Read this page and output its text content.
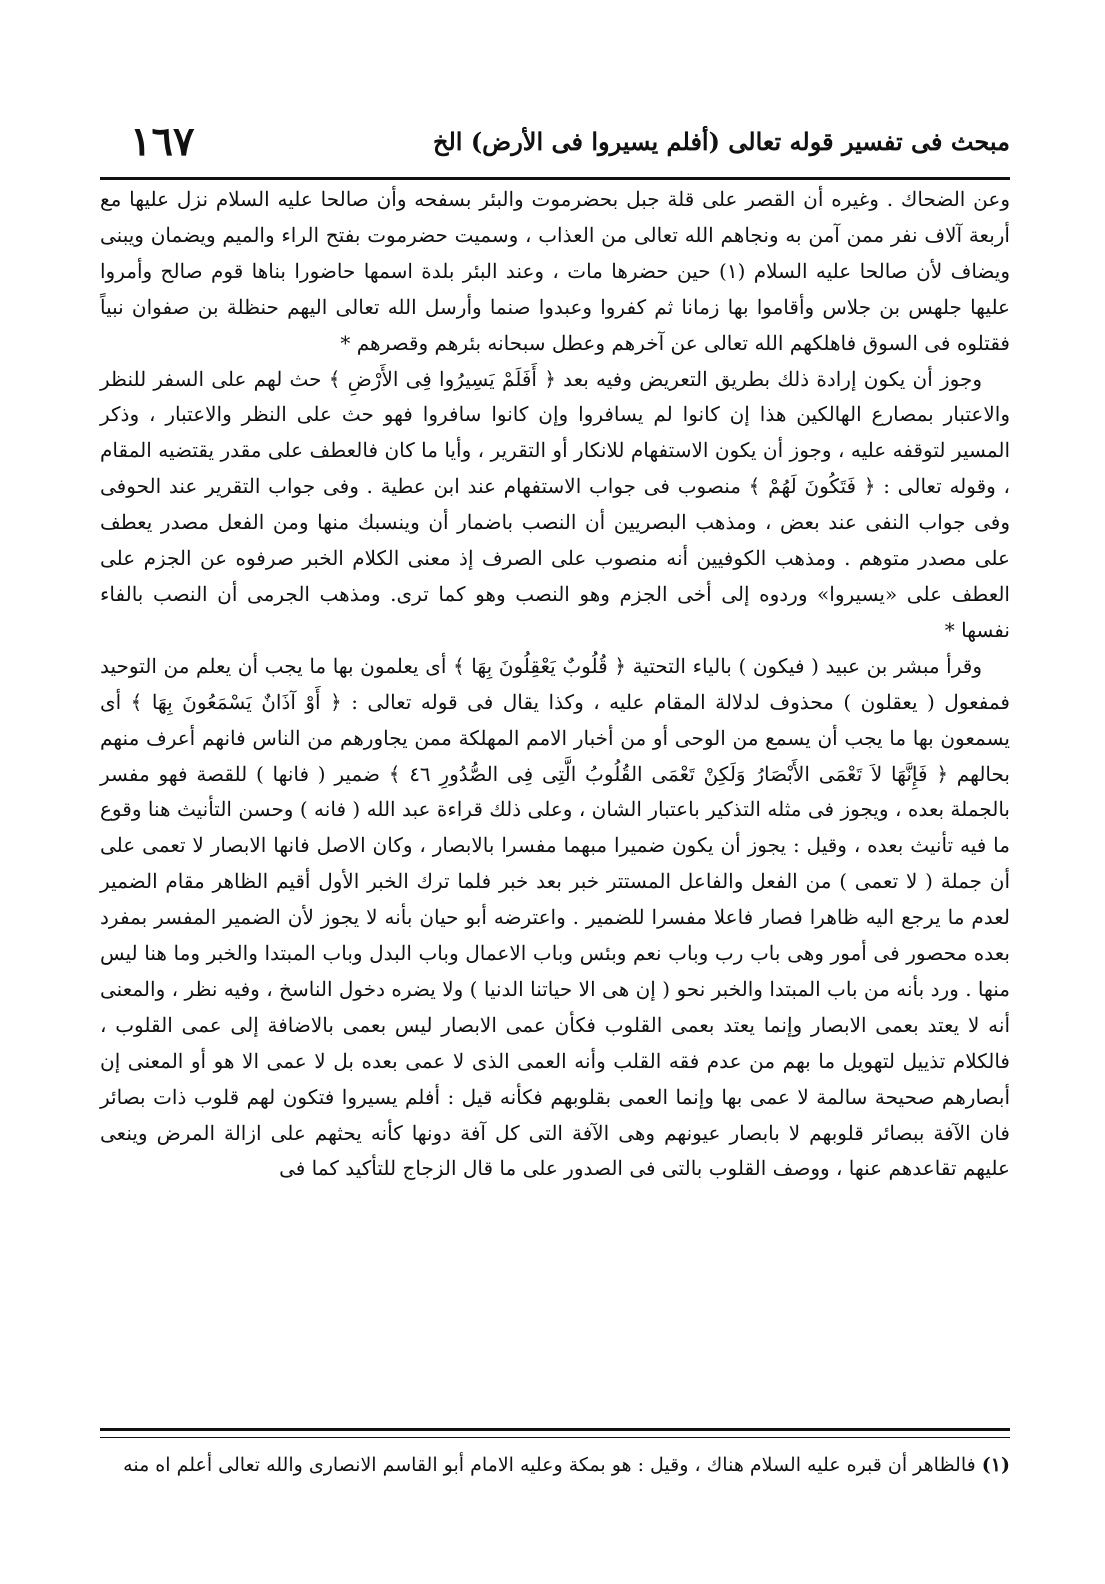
مبحث فى تفسير قوله تعالى (أفلم يسيروا فى الأرض) الخ
١٦٧

وعن الضحاك . وغيره أن القصر على قلة جبل بحضرموت والبئر بسفحه وأن صالحا عليه السلام نزل عليها مع أربعة آلاف نفر ممن آمن به ونجاهم الله تعالى من العذاب ، وسميت حضرموت بفتح الراء والميم ويضمان ويبنى ويضاف لأن صالحا عليه السلام (١) حين حضرها مات ، وعند البئر بلدة اسمها حاضورا بناها قوم صالح وأمروا عليها جلهس بن جلاس وأقاموا بها زمانا ثم كفروا وعبدوا صنما وأرسل الله تعالى اليهم حنظلة بن صفوان نبياً فقتلوه فى السوق فاهلكهم الله تعالى عن آخرهم وعطل سبحانه بئرهم وقصرهم *

وجوز أن يكون إرادة ذلك بطريق التعريض وفيه بعد ﴿ أَفَلَمْ يَسِيرُوا فِى الأَرْضِ ﴾ حث لهم على السفر للنظر والاعتبار بمصارع الهالكين هذا إن كانوا لم يسافروا وإن كانوا سافروا فهو حث على النظر والاعتبار ، وذكر المسير لتوقفه عليه ، وجوز أن يكون الاستفهام للانكار أو التقرير ، وأيا ما كان فالعطف على مقدر يقتضيه المقام ، وقوله تعالى : ﴿ فَتَكُونَ لَهُمْ ﴾ منصوب فى جواب الاستفهام عند ابن عطية . وفى جواب التقرير عند الحوفى وفى جواب النفى عند بعض ، ومذهب البصريين أن النصب باضمار أن وينسبك منها ومن الفعل مصدر يعطف على مصدر متوهم . ومذهب الكوفيين أنه منصوب على الصرف إذ معنى الكلام الخبر صرفوه عن الجزم على العطف على «يسيروا» وردوه إلى أخى الجزم وهو النصب وهو كما ترى. ومذهب الجرمى أن النصب بالفاء نفسها *

وقرأ مبشر بن عبيد ( فيكون ) بالياء التحتية ﴿ قُلُوبٌ يَعْقِلُونَ بِهَا ﴾ أى يعلمون بها ما يجب أن يعلم من التوحيد فمفعول ( يعقلون ) محذوف لدلالة المقام عليه ، وكذا يقال فى قوله تعالى : ﴿ أَوْ آذَانٌ يَسْمَعُونَ بِهَا ﴾ أى يسمعون بها ما يجب أن يسمع من الوحى أو من أخبار الامم المهلكة ممن يجاورهم من الناس فانهم أعرف منهم بحالهم ﴿ فَإِنَّهَا لاَ تَعْمَى الأَبْصَارُ وَلَكِنْ تَعْمَى القُلُوبُ الَّتِى فِى الصُّدُورِ ٤٦ ﴾ ضمير ( فانها ) للقصة فهو مفسر بالجملة بعده ، ويجوز فى مثله التذكير باعتبار الشان ، وعلى ذلك قراءة عبد الله ( فانه ) وحسن التأنيث هنا وقوع ما فيه تأنيث بعده ، وقيل : يجوز أن يكون ضميرا مبهما مفسرا بالابصار ، وكان الاصل فانها الابصار لا تعمى على أن جملة ( لا تعمى ) من الفعل والفاعل المستتر خبر بعد خبر فلما ترك الخبر الأول أقيم الظاهر مقام الضمير لعدم ما يرجع اليه ظاهرا فصار فاعلا مفسرا للضمير . واعترضه أبو حيان بأنه لا يجوز لأن الضمير المفسر بمفرد بعده محصور فى أمور وهى باب رب وباب نعم وبئس وباب الاعمال وباب البدل وباب المبتدا والخبر وما هنا ليس منها . ورد بأنه من باب المبتدا والخبر نحو ( إن هى الا حياتنا الدنيا ) ولا يضره دخول الناسخ ، وفيه نظر ، والمعنى أنه لا يعتد بعمى الابصار وإنما يعتد بعمى القلوب فكأن عمى الابصار ليس بعمى بالاضافة إلى عمى القلوب ، فالكلام تذييل لتهويل ما بهم من عدم فقه القلب وأنه العمى الذى لا عمى بعده بل لا عمى الا هو أو المعنى إن أبصارهم صحيحة سالمة لا عمى بها وإنما العمى بقلوبهم فكأنه قيل : أفلم يسيروا فتكون لهم قلوب ذات بصائر فان الآفة ببصائر قلوبهم لا بابصار عيونهم وهى الآفة التى كل آفة دونها كأنه يحثهم على ازالة المرض وينعى عليهم تقاعدهم عنها ، ووصف القلوب بالتى فى الصدور على ما قال الزجاج للتأكيد كما فى

(١) فالظاهر أن قبره عليه السلام هناك ، وقيل : هو بمكة وعليه الامام أبو القاسم الانصارى والله تعالى أعلم اه منه
